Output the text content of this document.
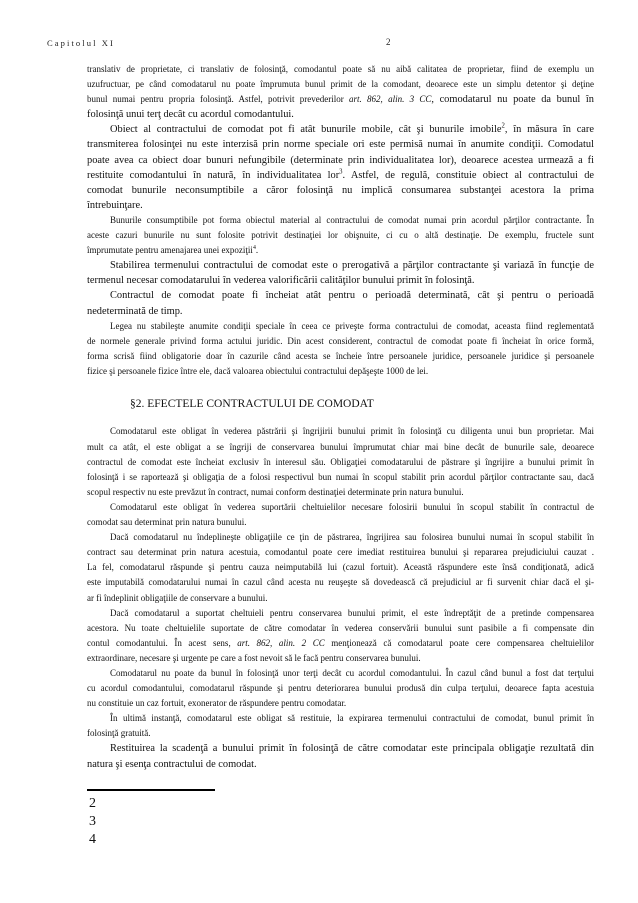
Capitolul XI	2
translativ de proprietate, ci translativ de folosinţă, comodantul poate să nu aibă calitatea de proprietar, fiind de exemplu un
uzufructuar, pe când comodatarul nu poate împrumuta bunul primit de la comodant, deoarece este un simplu detentor şi deţine
bunul numai pentru propria folosinţă. Astfel, potrivit prevederilor art. 862, alin. 3 CC, comodatarul nu poate da bunul în
folosinţă unui terţ decât cu acordul comodantului.
Obiect al contractului de comodat pot fi atât bunurile mobile, cât şi bunurile imobile$^2$, în măsura în care
transmiterea folosinţei nu este interzisă prin norme speciale ori este permisă numai în anumite condiţii. Comodatul
poate avea ca obiect doar bunuri nefungibile (determinate prin individualitatea lor), deoarece acestea urmează a fi
restituite comodantului în natură, în individualitatea lor$^3$. Astfel, de regulă, constituie obiect al contractului de
comodat bunurile neconsumptibile a căror folosinţă nu implică consumarea substanţei acestora la prima
întrebuinţare.
Bunurile consumptibile pot forma obiectul material al contractului de comodat numai prin acordul părţilor contractante. În
aceste cazuri bunurile nu sunt folosite potrivit destinaţiei lor obişnuite, ci cu o altă destinaţie. De exemplu, fructele sunt
împrumutate pentru amenajarea unei expoziţii$^4$.
Stabilirea termenului contractului de comodat este o prerogativă a părţilor contractante şi variază în funcţie de
termenul necesar comodatarului în vederea valorificării calităţilor bunului primit în folosinţă.
Contractul de comodat poate fi încheiat atât pentru o perioadă determinată, cât şi pentru o perioadă
nedeterminată de timp.
Legea nu stabileşte anumite condiţii speciale în ceea ce priveşte forma contractului de comodat, aceasta fiind reglementată
de normele generale privind forma actului juridic. Din acest considerent, contractul de comodat poate fi încheiat în orice formă,
forma scrisă fiind obligatorie doar în cazurile când acesta se încheie între persoanele juridice, persoanele juridice şi persoanele
fizice şi persoanele fizice între ele, dacă valoarea obiectului contractului depăşeşte 1000 de lei.
§2. EFECTELE CONTRACTULUI DE COMODAT
Comodatarul este obligat în vederea păstrării şi îngrijirii bunului primit în folosinţă cu diligenta unui bun proprietar. Mai
mult ca atât, el este obligat a se îngriji de conservarea bunului împrumutat chiar mai bine decât de bunurile sale, deoarece
contractul de comodat este încheiat exclusiv în interesul său. Obligaţiei comodatarului de păstrare şi îngrijire a bunului primit în
folosinţă i se raportează şi obligaţia de a folosi respectivul bun numai în scopul stabilit prin acordul părţilor contractante sau, dacă
scopul respectiv nu este prevăzut în contract, numai conform destinaţiei determinate prin natura bunului.
Comodatarul este obligat în vederea suportării cheltuielilor necesare folosirii bunului în scopul stabilit în contractul de
comodat sau determinat prin natura bunului.
Dacă comodatarul nu îndeplineşte obligaţiile ce ţin de păstrarea, îngrijirea sau folosirea bunului numai în scopul stabilit în
contract sau determinat prin natura acestuia, comodantul poate cere imediat restituirea bunului şi repararea prejudiciului cauzat .
La fel, comodatarul răspunde şi pentru cauza neimputabilă lui (cazul fortuit). Această răspundere este însă condiţionată, adică
este imputabilă comodatarului numai în cazul când acesta nu reuşeşte să dovedească că prejudiciul ar fi survenit chiar dacă el şi-
ar fi îndeplinit obligaţiile de conservare a bunului.
Dacă comodatarul a suportat cheltuieli pentru conservarea bunului primit, el este îndreptăţit de a pretinde compensarea
acestora. Nu toate cheltuielile suportate de către comodatar în vederea conservării bunului sunt pasibile a fi compensate din
contul comodantului. În acest sens, art. 862, alin. 2 CC menţionează că comodatarul poate cere compensarea cheltuielilor
extraordinare, necesare şi urgente pe care a fost nevoit să le facă pentru conservarea bunului.
Comodatarul nu poate da bunul în folosinţă unor terţi decât cu acordul comodantului. În cazul când bunul a fost dat terţului
cu acordul comodantului, comodatarul răspunde şi pentru deteriorarea bunului produsă din culpa terţului, deoarece fapta acestuia
nu constituie un caz fortuit, exonerator de răspundere pentru comodatar.
În ultimă instanţă, comodatarul este obligat să restituie, la expirarea termenului contractului de comodat, bunul primit în
folosinţă gratuită.
Restituirea la scadenţă a bunului primit în folosinţă de către comodatar este principala obligaţie rezultată din
natura şi esenţa contractului de comodat.
2
3
4
